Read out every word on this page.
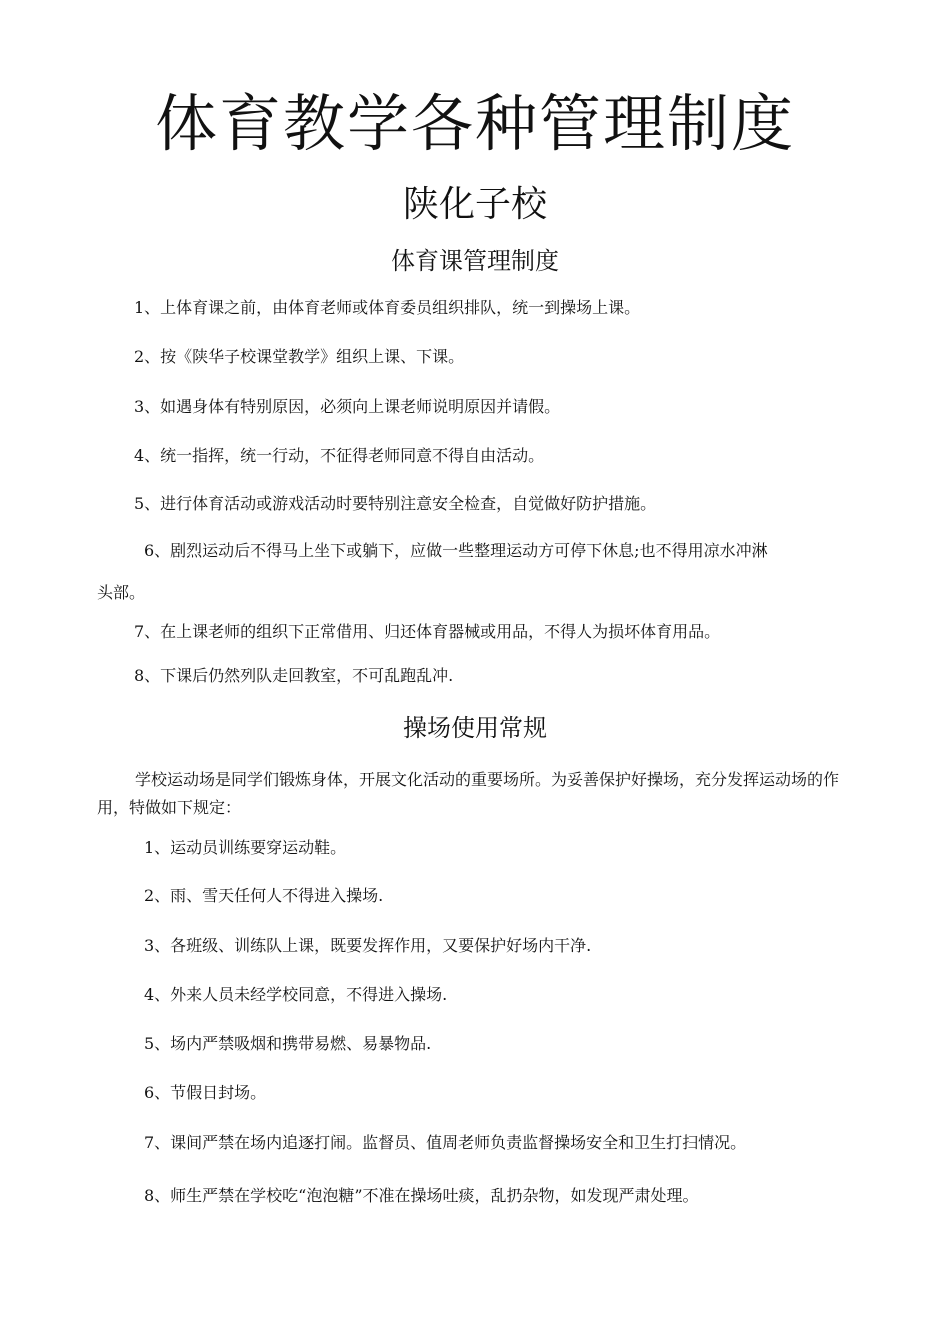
体育教学各种管理制度
陕化子校
体育课管理制度
1、上体育课之前，由体育老师或体育委员组织排队，统一到操场上课。
2、按《陕华子校课堂教学》组织上课、下课。
3、如遇身体有特别原因，必须向上课老师说明原因并请假。
4、统一指挥，统一行动，不征得老师同意不得自由活动。
5、进行体育活动或游戏活动时要特别注意安全检查，自觉做好防护措施。
6、剧烈运动后不得马上坐下或躺下，应做一些整理运动方可停下休息;也不得用凉水冲淋
头部。
7、在上课老师的组织下正常借用、归还体育器械或用品，不得人为损坏体育用品。
8、下课后仍然列队走回教室，不可乱跑乱冲.
操场使用常规
学校运动场是同学们锻炼身体，开展文化活动的重要场所。为妥善保护好操场，充分发挥运动场的作用，特做如下规定：
1、运动员训练要穿运动鞋。
2、雨、雪天任何人不得进入操场.
3、各班级、训练队上课，既要发挥作用，又要保护好场内干净.
4、外来人员未经学校同意，不得进入操场.
5、场内严禁吸烟和携带易燃、易暴物品.
6、节假日封场。
7、课间严禁在场内追逐打闹。监督员、值周老师负责监督操场安全和卫生打扫情况。
8、师生严禁在学校吃“泡泡糖”不准在操场吐痰，乱扔杂物，如发现严肃处理。
